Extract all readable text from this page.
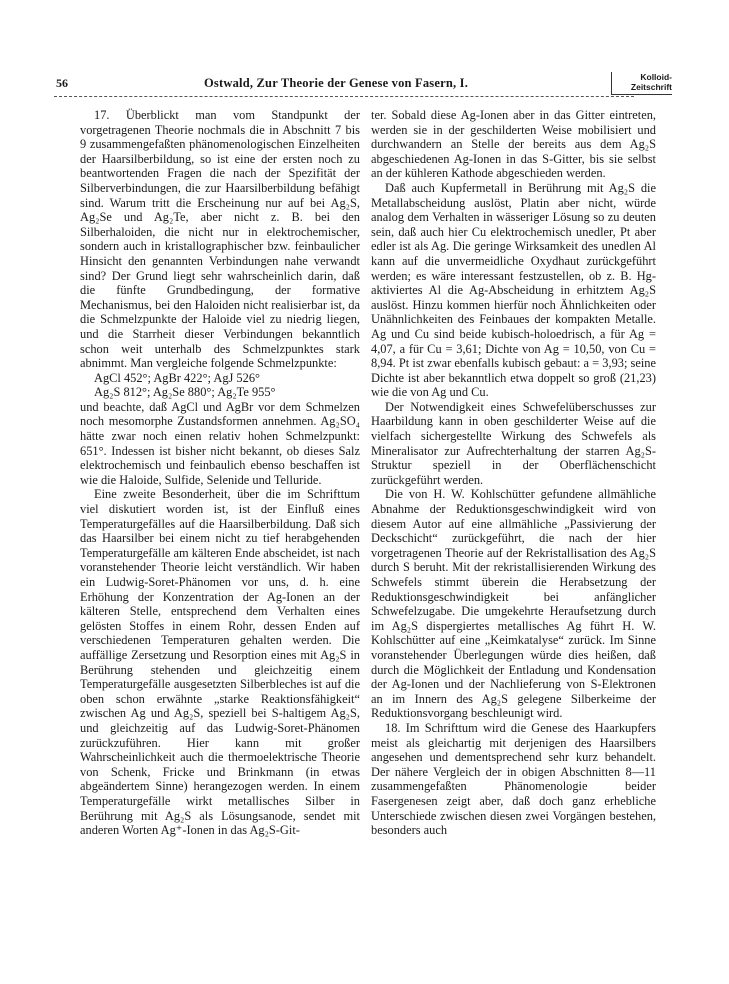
56	Ostwald, Zur Theorie der Genese von Fasern, I.	Kolloid-
Zeitschrift

17. Überblickt man vom Standpunkt der vorgetragenen Theorie nochmals die in Abschnitt 7 bis 9 zusammengefaßten phänomenologischen Einzelheiten der Haarsilberbildung, so ist eine der ersten noch zu beantwortenden Fragen die nach der Spezifität der Silberverbindungen, die zur Haarsilberbildung befähigt sind. Warum tritt die Erscheinung nur auf bei Ag₂S, Ag₂Se und Ag₂Te, aber nicht z. B. bei den Silberhaloiden, die nicht nur in elektrochemischer, sondern auch in kristallographischer bzw. feinbaulicher Hinsicht den genannten Verbindungen nahe verwandt sind? Der Grund liegt sehr wahrscheinlich darin, daß die fünfte Grundbedingung, der formative Mechanismus, bei den Haloiden nicht realisierbar ist, da die Schmelzpunkte der Haloide viel zu niedrig liegen, und die Starrheit dieser Verbindungen bekanntlich schon weit unterhalb des Schmelzpunktes stark abnimmt. Man vergleiche folgende Schmelzpunkte:

AgCl 452°; AgBr 422°; AgJ 526°
Ag₂S 812°; Ag₂Se 880°; Ag₂Te 955°

und beachte, daß AgCl und AgBr vor dem Schmelzen noch mesomorphe Zustandsformen annehmen. Ag₂SO₄ hätte zwar noch einen relativ hohen Schmelzpunkt: 651°. Indessen ist bisher nicht bekannt, ob dieses Salz elektrochemisch und feinbaulich ebenso beschaffen ist wie die Haloide, Sulfide, Selenide und Telluride.

Eine zweite Besonderheit, über die im Schrifttum viel diskutiert worden ist, ist der Einfluß eines Temperaturgefälles auf die Haarsilberbildung. Daß sich das Haarsilber bei einem nicht zu tief herabgehenden Temperaturgefälle am kälteren Ende abscheidet, ist nach voranstehender Theorie leicht verständlich. Wir haben ein Ludwig-Soret-Phänomen vor uns, d. h. eine Erhöhung der Konzentration der Ag-Ionen an der kälteren Stelle, entsprechend dem Verhalten eines gelösten Stoffes in einem Rohr, dessen Enden auf verschiedenen Temperaturen gehalten werden. Die auffällige Zersetzung und Resorption eines mit Ag₂S in Berührung stehenden und gleichzeitig einem Temperaturgefälle ausgesetzten Silberbleches ist auf die oben schon erwähnte „starke Reaktionsfähigkeit“ zwischen Ag und Ag₂S, speziell bei S-haltigem Ag₂S, und gleichzeitig auf das Ludwig-Soret-Phänomen zurückzuführen. Hier kann mit großer Wahrscheinlichkeit auch die thermoelektrische Theorie von Schenk, Fricke und Brinkmann (in etwas abgeändertem Sinne) herangezogen werden. In einem Temperaturgefälle wirkt metallisches Silber in Berührung mit Ag₂S als Lösungsanode, sendet mit anderen Worten Ag⁺-Ionen in das Ag₂S-Git-

ter. Sobald diese Ag-Ionen aber in das Gitter eintreten, werden sie in der geschilderten Weise mobilisiert und durchwandern an Stelle der bereits aus dem Ag₂S abgeschiedenen Ag-Ionen in das S-Gitter, bis sie selbst an der kühleren Kathode abgeschieden werden.

Daß auch Kupfermetall in Berührung mit Ag₂S die Metallabscheidung auslöst, Platin aber nicht, würde analog dem Verhalten in wässeriger Lösung so zu deuten sein, daß auch hier Cu elektrochemisch unedler, Pt aber edler ist als Ag. Die geringe Wirksamkeit des unedlen Al kann auf die unvermeidliche Oxydhaut zurückgeführt werden; es wäre interessant festzustellen, ob z. B. Hg-aktiviertes Al die Ag-Abscheidung in erhitztem Ag₂S auslöst. Hinzu kommen hierfür noch Ähnlichkeiten oder Unähnlichkeiten des Feinbaues der kompakten Metalle. Ag und Cu sind beide kubisch-holoedrisch, a für Ag = 4,07, a für Cu = 3,61; Dichte von Ag = 10,50, von Cu = 8,94. Pt ist zwar ebenfalls kubisch gebaut: a = 3,93; seine Dichte ist aber bekanntlich etwa doppelt so groß (21,23) wie die von Ag und Cu.

Der Notwendigkeit eines Schwefelüberschusses zur Haarbildung kann in oben geschilderter Weise auf die vielfach sichergestellte Wirkung des Schwefels als Mineralisator zur Aufrechterhaltung der starren Ag₂S-Struktur speziell in der Oberflächenschicht zurückgeführt werden.

Die von H. W. Kohlschütter gefundene allmähliche Abnahme der Reduktionsgeschwindigkeit wird von diesem Autor auf eine allmähliche „Passivierung der Deckschicht“ zurückgeführt, die nach der hier vorgetragenen Theorie auf der Rekristallisation des Ag₂S durch S beruht. Mit der rekristallisierenden Wirkung des Schwefels stimmt überein die Herabsetzung der Reduktionsgeschwindigkeit bei anfänglicher Schwefelzugabe. Die umgekehrte Heraufsetzung durch im Ag₂S dispergiertes metallisches Ag führt H. W. Kohlschütter auf eine „Keimkatalyse“ zurück. Im Sinne voranstehender Überlegungen würde dies heißen, daß durch die Möglichkeit der Entladung und Kondensation der Ag-Ionen und der Nachlieferung von S-Elektronen an im Innern des Ag₂S gelegene Silberkeime der Reduktionsvorgang beschleunigt wird.

18. Im Schrifttum wird die Genese des Haarkupfers meist als gleichartig mit derjenigen des Haarsilbers angesehen und dementsprechend sehr kurz behandelt. Der nähere Vergleich der in obigen Abschnitten 8—11 zusammengefaßten Phänomenologie beider Fasergenesen zeigt aber, daß doch ganz erhebliche Unterschiede zwischen diesen zwei Vorgängen bestehen, besonders auch
